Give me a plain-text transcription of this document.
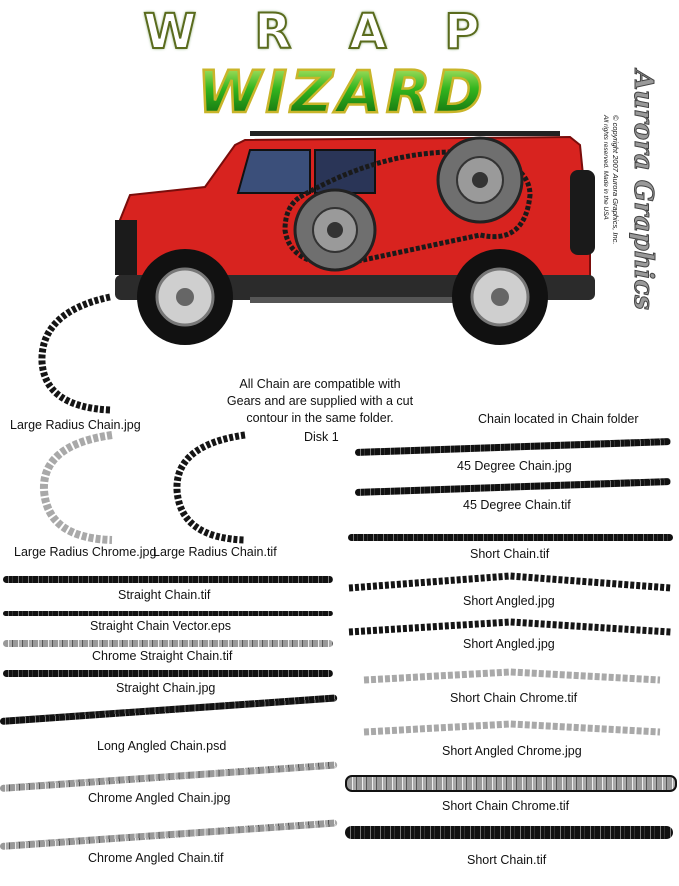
WRAP
WIZARD	Aurora Graphics
© copyright 2007 Aurora Graphics, Inc.
All rights reserved. Made in the USA
All Chain are compatible with Gears and are supplied with a cut contour in the same folder.
Disk 1
Chain located in Chain folder
Large Radius Chain.jpg
Large Radius Chrome.jpg
Large Radius Chain.tif
Straight Chain.tif
Straight Chain Vector.eps
Chrome Straight Chain.tif
Straight Chain.jpg
Long Angled Chain.psd
Chrome Angled Chain.jpg
Chrome Angled Chain.tif
45 Degree Chain.jpg
45 Degree Chain.tif
Short Chain.tif
Short Angled.jpg
Short Angled.jpg
Short Chain Chrome.tif
Short Angled Chrome.jpg
Short Chain Chrome.tif
Short Chain.tif
